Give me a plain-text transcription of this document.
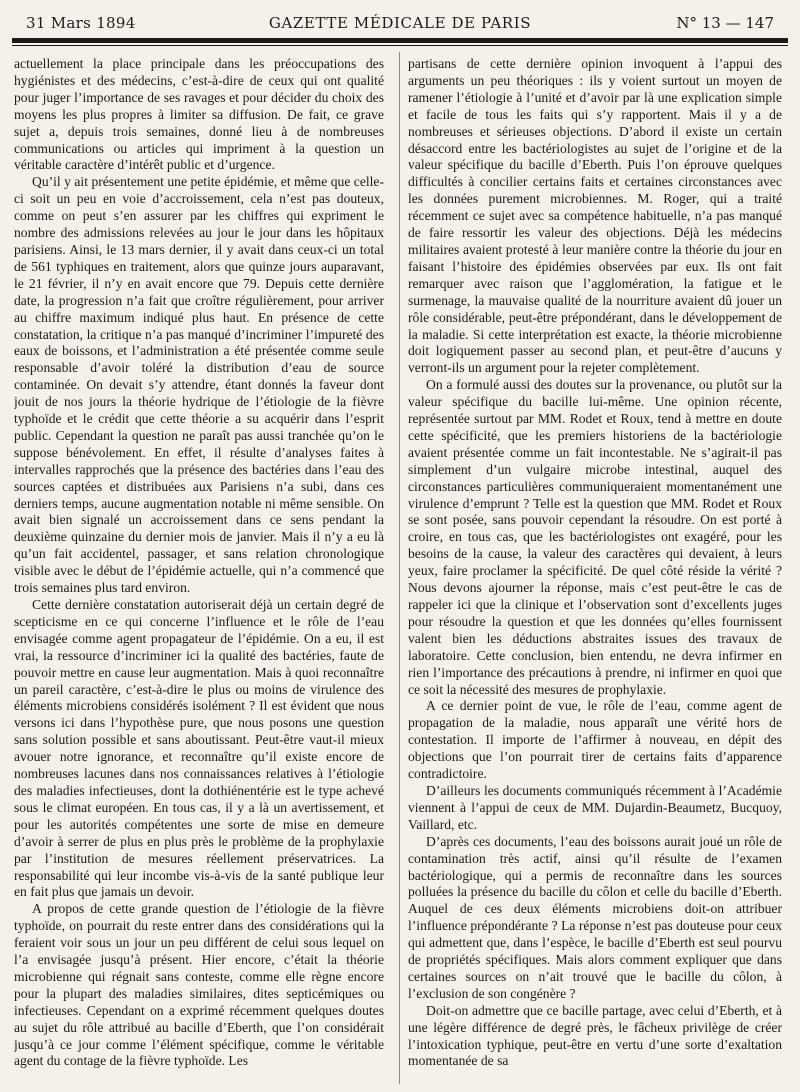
31 Mars 1894	GAZETTE MÉDICALE DE PARIS	N° 13 — 147

actuellement la place principale dans les préoccupations des hygiénistes et des médecins, c’est-à-dire de ceux qui ont qualité pour juger l’importance de ses ravages et pour décider du choix des moyens les plus propres à limiter sa diffusion. De fait, ce grave sujet a, depuis trois semaines, donné lieu à de nombreuses communications ou articles qui impriment à la question un véritable caractère d’intérêt public et d’urgence.

Qu’il y ait présentement une petite épidémie, et même que celle-ci soit un peu en voie d’accroissement, cela n’est pas douteux, comme on peut s’en assurer par les chiffres qui expriment le nombre des admissions relevées au jour le jour dans les hôpitaux parisiens. Ainsi, le 13 mars dernier, il y avait dans ceux-ci un total de 561 typhiques en traitement, alors que quinze jours auparavant, le 21 février, il n’y en avait encore que 79. Depuis cette dernière date, la progression n’a fait que croître régulièrement, pour arriver au chiffre maximum indiqué plus haut. En présence de cette constatation, la critique n’a pas manqué d’incriminer l’impureté des eaux de boissons, et l’administration a été présentée comme seule responsable d’avoir toléré la distribution d’eau de source contaminée. On devait s’y attendre, étant donnés la faveur dont jouit de nos jours la théorie hydrique de l’étiologie de la fièvre typhoïde et le crédit que cette théorie a su acquérir dans l’esprit public. Cependant la question ne paraît pas aussi tranchée qu’on le suppose bénévolement. En effet, il résulte d’analyses faites à intervalles rapprochés que la présence des bactéries dans l’eau des sources captées et distribuées aux Parisiens n’a subi, dans ces derniers temps, aucune augmentation notable ni même sensible. On avait bien signalé un accroissement dans ce sens pendant la deuxième quinzaine du dernier mois de janvier. Mais il n’y a eu là qu’un fait accidentel, passager, et sans relation chronologique visible avec le début de l’épidémie actuelle, qui n’a commencé que trois semaines plus tard environ.

Cette dernière constatation autoriserait déjà un certain degré de scepticisme en ce qui concerne l’influence et le rôle de l’eau envisagée comme agent propagateur de l’épidémie. On a eu, il est vrai, la ressource d’incriminer ici la qualité des bactéries, faute de pouvoir mettre en cause leur augmentation. Mais à quoi reconnaître un pareil caractère, c’est-à-dire le plus ou moins de virulence des éléments microbiens considérés isolément ? Il est évident que nous versons ici dans l’hypothèse pure, que nous posons une question sans solution possible et sans aboutissant. Peut-être vaut-il mieux avouer notre ignorance, et reconnaître qu’il existe encore de nombreuses lacunes dans nos connaissances relatives à l’étiologie des maladies infectieuses, dont la dothiénentérie est le type achevé sous le climat européen. En tous cas, il y a là un avertissement, et pour les autorités compétentes une sorte de mise en demeure d’avoir à serrer de plus en plus près le problème de la prophylaxie par l’institution de mesures réellement préservatrices. La responsabilité qui leur incombe vis-à-vis de la santé publique leur en fait plus que jamais un devoir.

A propos de cette grande question de l’étiologie de la fièvre typhoïde, on pourrait du reste entrer dans des considérations qui la feraient voir sous un jour un peu différent de celui sous lequel on l’a envisagée jusqu’à présent. Hier encore, c’était la théorie microbienne qui régnait sans conteste, comme elle règne encore pour la plupart des maladies similaires, dites septicémiques ou infectieuses. Cependant on a exprimé récemment quelques doutes au sujet du rôle attribué au bacille d’Eberth, que l’on considérait jusqu’à ce jour comme l’élément spécifique, comme le véritable agent du contage de la fièvre typhoïde. Les

partisans de cette dernière opinion invoquent à l’appui des arguments un peu théoriques : ils y voient surtout un moyen de ramener l’étiologie à l’unité et d’avoir par là une explication simple et facile de tous les faits qui s’y rapportent. Mais il y a de nombreuses et sérieuses objections. D’abord il existe un certain désaccord entre les bactériologistes au sujet de l’origine et de la valeur spécifique du bacille d’Eberth. Puis l’on éprouve quelques difficultés à concilier certains faits et certaines circonstances avec les données purement microbiennes. M. Roger, qui a traité récemment ce sujet avec sa compétence habituelle, n’a pas manqué de faire ressortir les valeur des objections. Déjà les médecins militaires avaient protesté à leur manière contre la théorie du jour en faisant l’histoire des épidémies observées par eux. Ils ont fait remarquer avec raison que l’agglomération, la fatigue et le surmenage, la mauvaise qualité de la nourriture avaient dû jouer un rôle considérable, peut-être prépondérant, dans le développement de la maladie. Si cette interprétation est exacte, la théorie microbienne doit logiquement passer au second plan, et peut-être d’aucuns y verront-ils un argument pour la rejeter complètement.

On a formulé aussi des doutes sur la provenance, ou plutôt sur la valeur spécifique du bacille lui-même. Une opinion récente, représentée surtout par MM. Rodet et Roux, tend à mettre en doute cette spécificité, que les premiers historiens de la bactériologie avaient présentée comme un fait incontestable. Ne s’agirait-il pas simplement d’un vulgaire microbe intestinal, auquel des circonstances particulières communiqueraient momentanément une virulence d’emprunt ? Telle est la question que MM. Rodet et Roux se sont posée, sans pouvoir cependant la résoudre. On est porté à croire, en tous cas, que les bactériologistes ont exagéré, pour les besoins de la cause, la valeur des caractères qui devaient, à leurs yeux, faire proclamer la spécificité. De quel côté réside la vérité ? Nous devons ajourner la réponse, mais c’est peut-être le cas de rappeler ici que la clinique et l’observation sont d’excellents juges pour résoudre la question et que les données qu’elles fournissent valent bien les déductions abstraites issues des travaux de laboratoire. Cette conclusion, bien entendu, ne devra infirmer en rien l’importance des précautions à prendre, ni infirmer en quoi que ce soit la nécessité des mesures de prophylaxie.

A ce dernier point de vue, le rôle de l’eau, comme agent de propagation de la maladie, nous apparaît une vérité hors de contestation. Il importe de l’affirmer à nouveau, en dépit des objections que l’on pourrait tirer de certains faits d’apparence contradictoire.

D’ailleurs les documents communiqués récemment à l’Académie viennent à l’appui de ceux de MM. Dujardin-Beaumetz, Bucquoy, Vaillard, etc.

D’après ces documents, l’eau des boissons aurait joué un rôle de contamination très actif, ainsi qu’il résulte de l’examen bactériologique, qui a permis de reconnaître dans les sources polluées la présence du bacille du côlon et celle du bacille d’Eberth. Auquel de ces deux éléments microbiens doit-on attribuer l’influence prépondérante ? La réponse n’est pas douteuse pour ceux qui admettent que, dans l’espèce, le bacille d’Eberth est seul pourvu de propriétés spécifiques. Mais alors comment expliquer que dans certaines sources on n’ait trouvé que le bacille du côlon, à l’exclusion de son congénère ?

Doit-on admettre que ce bacille partage, avec celui d’Eberth, et à une légère différence de degré près, le fâcheux privilège de créer l’intoxication typhique, peut-être en vertu d’une sorte d’exaltation momentanée de sa
